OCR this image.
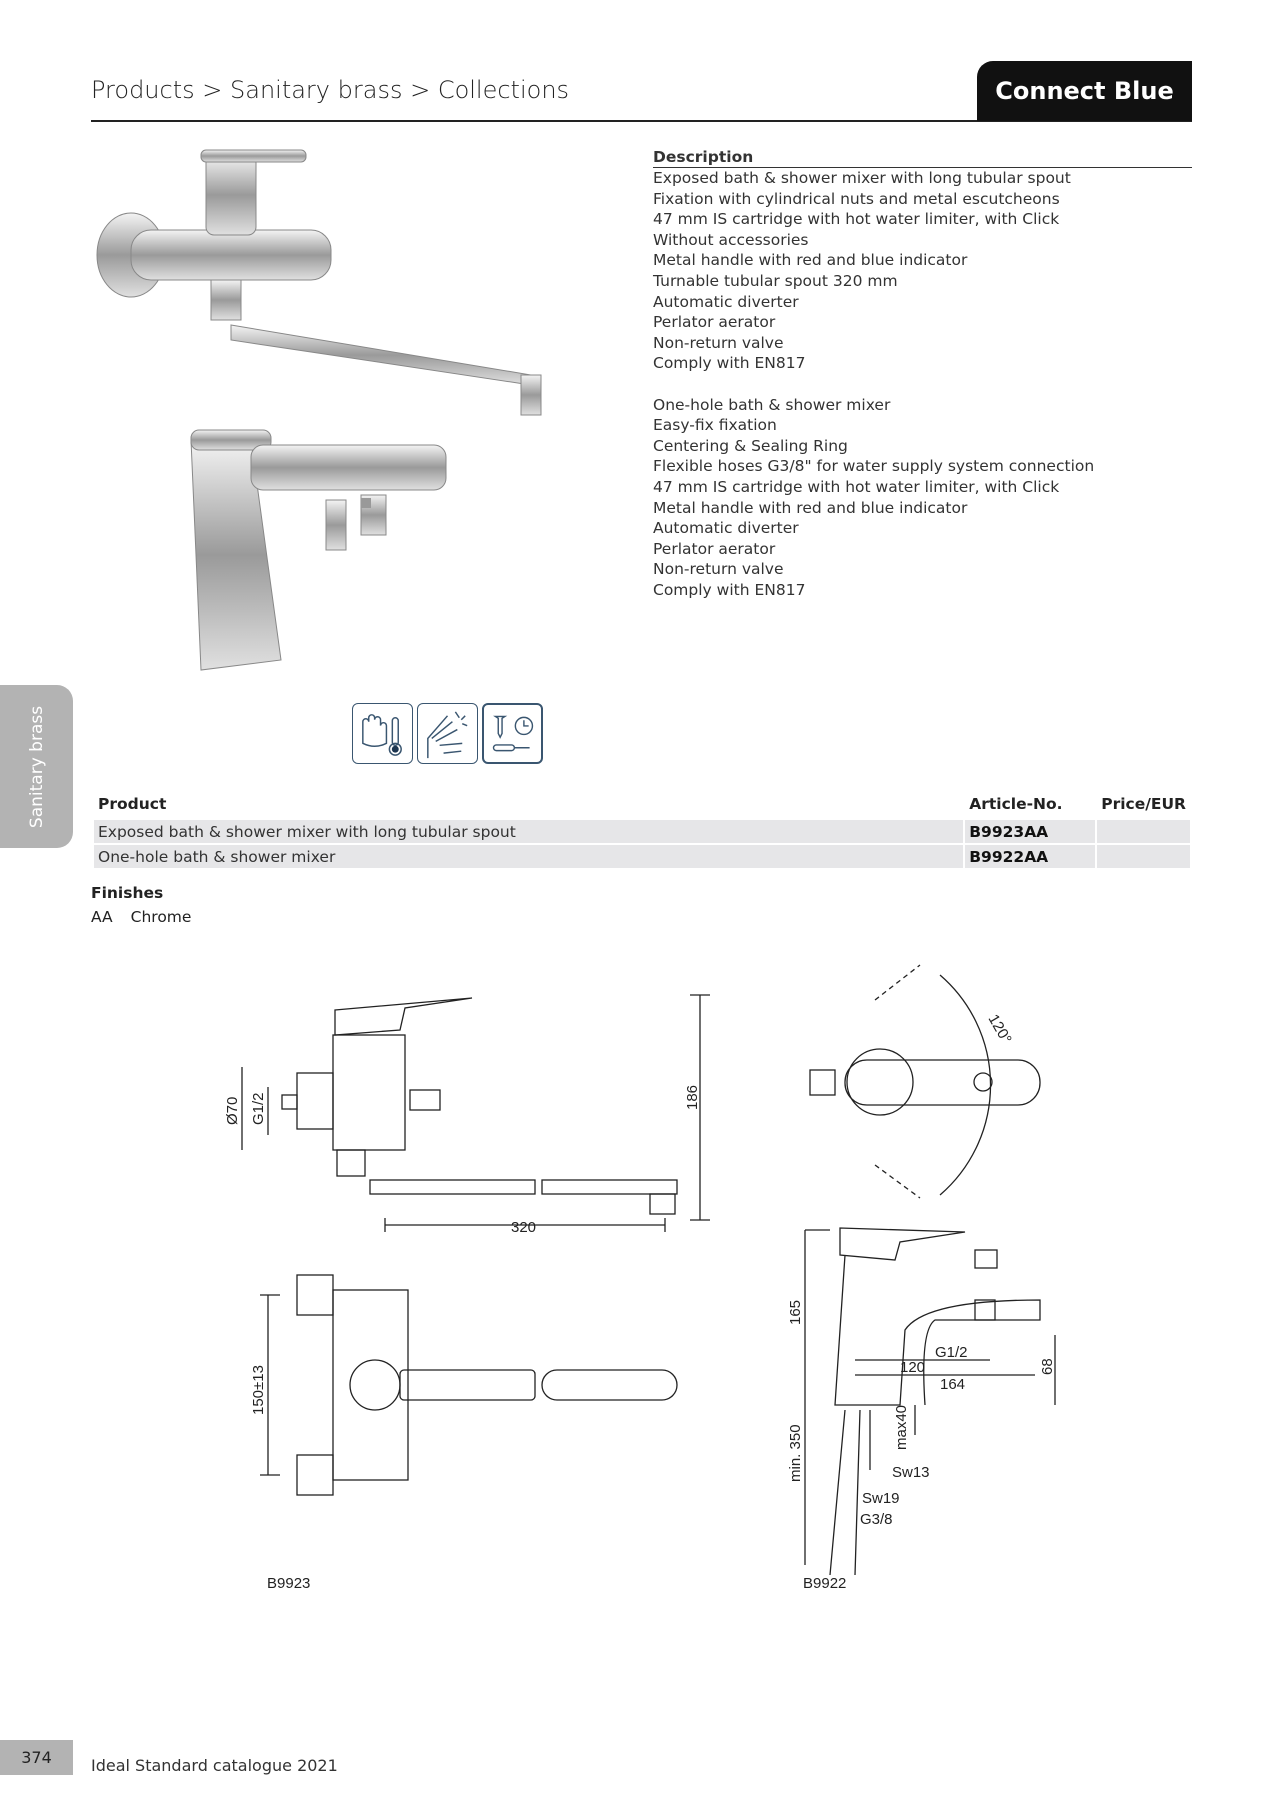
Products > Sanitary brass > Collections	Connect Blue
Description
Exposed bath & shower mixer with long tubular spout
Fixation with cylindrical nuts and metal escutcheons
47 mm IS cartridge with hot water limiter, with Click
Without accessories
Metal handle with red and blue indicator
Turnable tubular spout 320 mm
Automatic diverter
Perlator aerator
Non-return valve
Comply with EN817
One-hole bath & shower mixer
Easy-fix fixation
Centering & Sealing Ring
Flexible hoses G3/8" for water supply system connection
47 mm IS cartridge with hot water limiter, with Click
Metal handle with red and blue indicator
Automatic diverter
Perlator aerator
Non-return valve
Comply with EN817
Sanitary brass	Product	Article-No.	Price/EUR
Exposed bath & shower mixer with long tubular spout	B9923AA	
One-hole bath & shower mixer	B9922AA	
Finishes
AA Chrome
Ø70 G1/2	186
320
150±13
120°
165
G1/2
120
164
68
max40
min. 350	Sw13
Sw19
G3/8
B9923	B9922
374	Ideal Standard catalogue 2021
